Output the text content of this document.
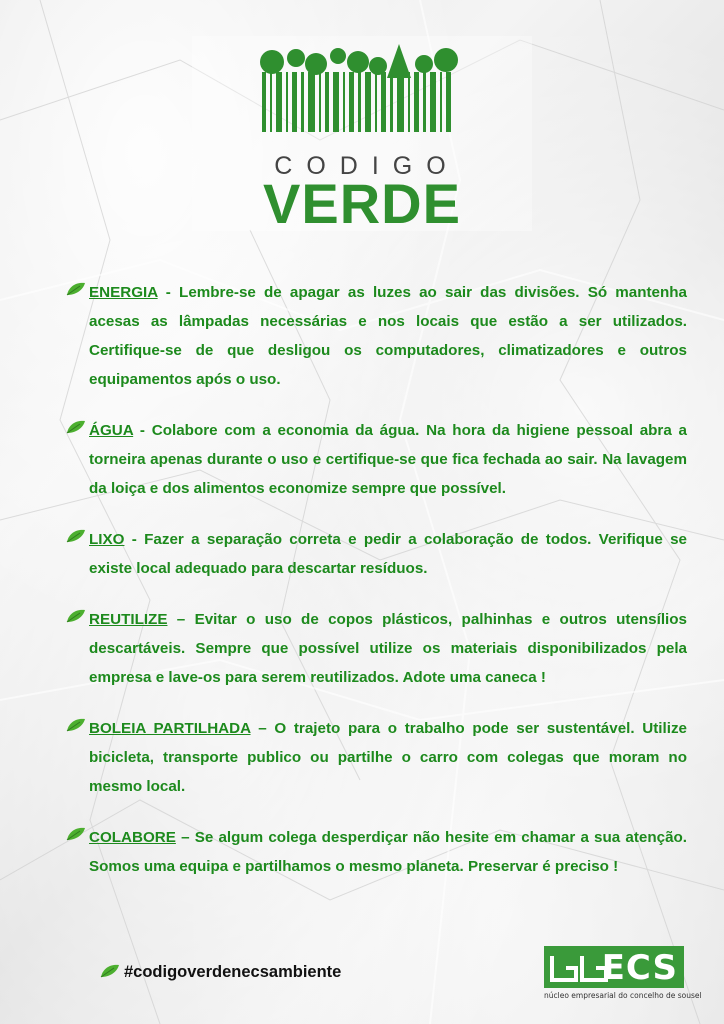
CODIGO
VERDE

ENERGIA - Lembre-se de apagar as luzes ao sair das divisões. Só mantenha acesas as lâmpadas necessárias e nos locais que estão a ser utilizados. Certifique-se de que desligou os computadores, climatizadores e outros equipamentos após o uso.

ÁGUA - Colabore com a economia da água. Na hora da higiene pessoal abra a torneira apenas durante o uso e certifique-se que fica fechada ao sair. Na lavagem da loiça e dos alimentos economize sempre que possível.

LIXO - Fazer a separação correta e pedir a colaboração de todos. Verifique se existe local adequado para descartar resíduos.

REUTILIZE – Evitar o uso de copos plásticos, palhinhas e outros utensílios descartáveis. Sempre que possível utilize os materiais disponibilizados pela empresa e lave-os para serem reutilizados. Adote uma caneca !

BOLEIA PARTILHADA – O trajeto para o trabalho pode ser sustentável. Utilize bicicleta, transporte publico ou partilhe o carro com colegas que moram no mesmo local.

COLABORE – Se algum colega desperdiçar não hesite em chamar a sua atenção. Somos uma equipa e partilhamos o mesmo planeta. Preservar é preciso !

#codigoverdenecsambiente	ECS
núcleo empresarial do concelho de sousel
